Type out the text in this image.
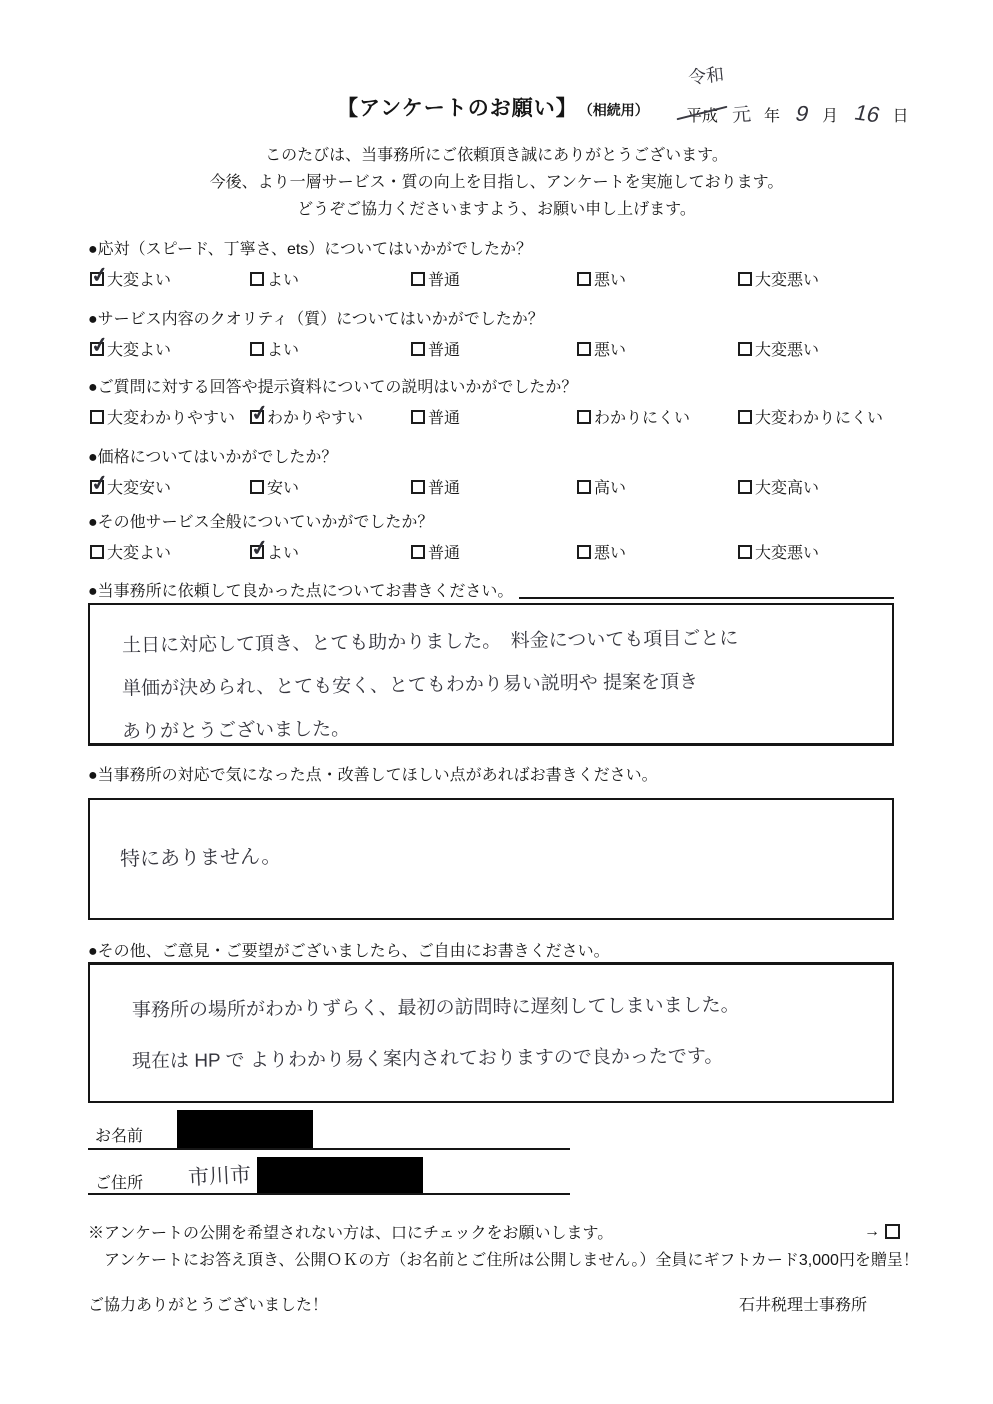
【アンケートのお願い】 （相続用）
令和
平成 元 年 9 月 16 日
このたびは、当事務所にご依頼頂き誠にありがとうございます。
今後、より一層サービス・質の向上を目指し、アンケートを実施しております。
どうぞご協力くださいますよう、お願い申し上げます。
●応対（スピード、丁寧さ、ets）についてはいかがでしたか？
✓
大変よい	よい	普通	悪い	大変悪い
●サービス内容のクオリティ（質）についてはいかがでしたか？
✓
大変よい	よい	普通	悪い	大変悪い
●ご質問に対する回答や提示資料についての説明はいかがでしたか？
大変わかりやすい ✓ わかりやすい	普通	わかりにくい	大変わかりにくい
●価格についてはいかがでしたか？
✓
大変安い	安い	普通	高い	大変高い
●その他サービス全般についていかがでしたか？
大変よい ✓	よい	普通	悪い	大変悪い
●当事務所に依頼して良かった点についてお書きください。
土日に対応して頂き、とても助かりました。　料金についても項目ごとに
単価が決められ、とても安く、とてもわかり易い説明や 提案を頂き
ありがとうございました。
●当事務所の対応で気になった点・改善してほしい点があればお書きください。
特にありません。
●その他、ご意見・ご要望がございましたら、ご自由にお書きください。
事務所の場所がわかりずらく、最初の訪問時に遅刻してしまいました。
現在は HP で よりわかり易く案内されておりますので良かったです。
お名前
ご住所 市川市
※アンケートの公開を希望されない方は、口にチェックをお願いします。	→
アンケートにお答え頂き、公開ＯＫの方（お名前とご住所は公開しません。）全員にギフトカード3,000円を贈呈！
ご協力ありがとうございました！	石井税理士事務所
